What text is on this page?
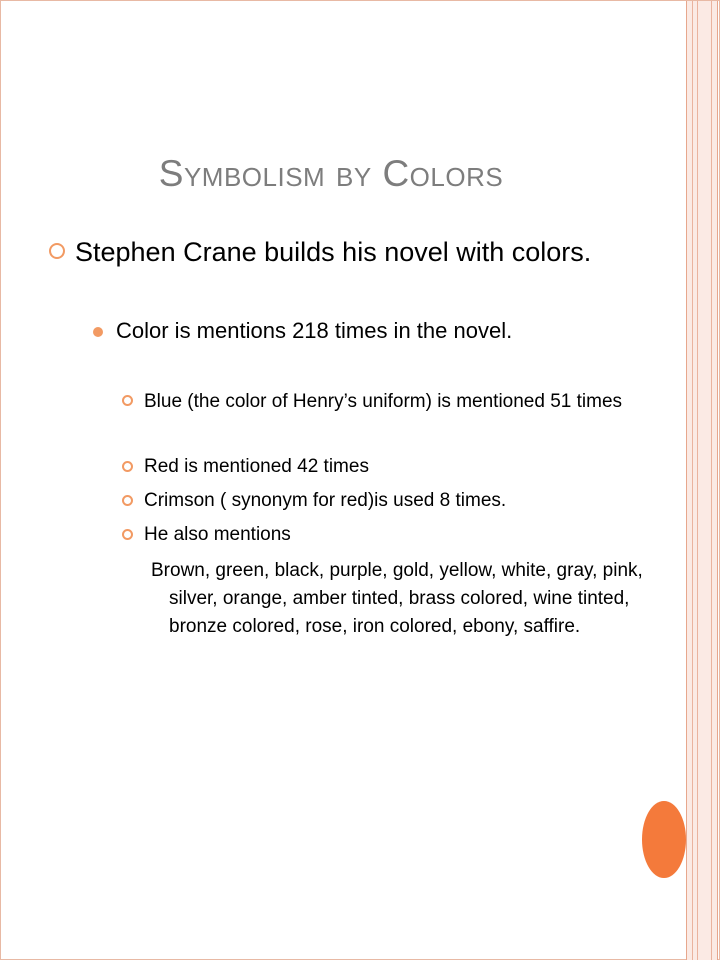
Symbolism by Colors
Stephen Crane builds his novel with colors.
Color is mentions 218 times in the novel.
Blue (the color of Henry’s uniform) is mentioned 51 times
Red is mentioned 42 times
Crimson ( synonym for red)is used 8 times.
He also mentions
Brown, green, black, purple, gold, yellow, white, gray, pink, silver, orange, amber tinted, brass colored, wine tinted, bronze colored, rose, iron colored, ebony, saffire.
